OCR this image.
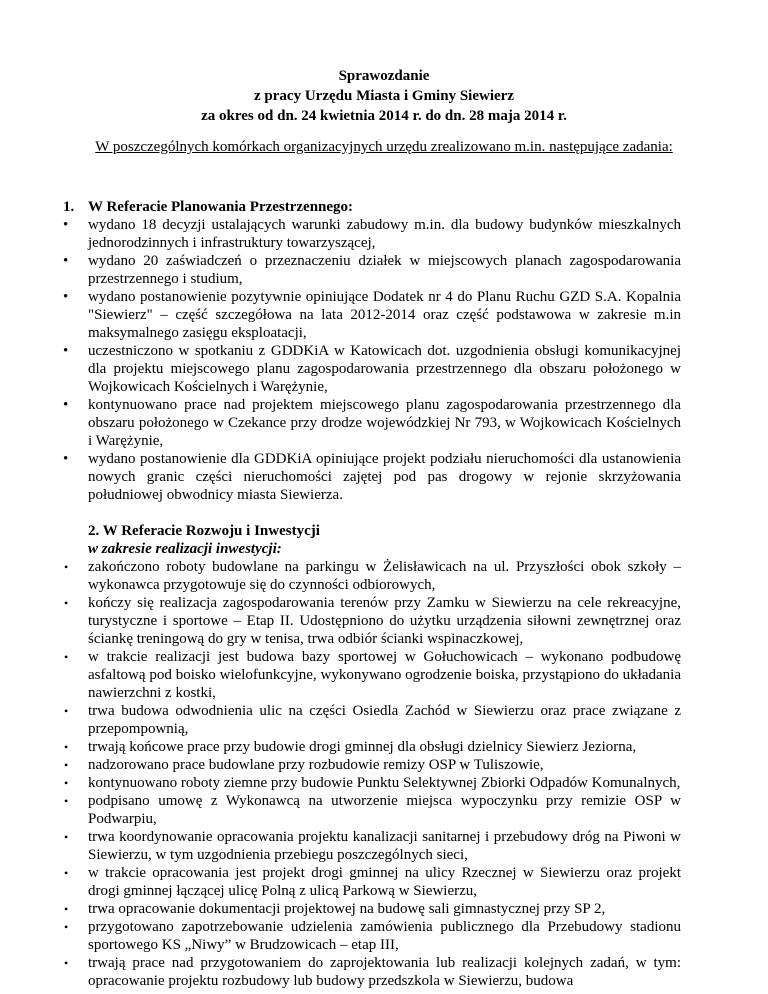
Sprawozdanie
z pracy Urzędu Miasta i Gminy Siewierz
za okres od dn. 24 kwietnia 2014 r. do dn. 28 maja 2014 r.
W poszczególnych komórkach organizacyjnych urzędu zrealizowano m.in. następujące zadania:
1. W Referacie Planowania Przestrzennego:
• wydano 18 decyzji ustalających warunki zabudowy m.in. dla budowy budynków mieszkalnych jednorodzinnych i infrastruktury towarzyszącej,
• wydano 20 zaświadczeń o przeznaczeniu działek w miejscowych planach zagospodarowania przestrzennego i studium,
• wydano postanowienie pozytywnie opiniujące Dodatek nr 4 do Planu Ruchu GZD S.A. Kopalnia "Siewierz" – część szczegółowa na lata 2012-2014 oraz część podstawowa w zakresie m.in maksymalnego zasięgu eksploatacji,
• uczestniczono w spotkaniu z GDDKiA w Katowicach dot. uzgodnienia obsługi komunikacyjnej dla projektu miejscowego planu zagospodarowania przestrzennego dla obszaru położonego w Wojkowicach Kościelnych i Warężynie,
• kontynuowano prace nad projektem miejscowego planu zagospodarowania przestrzennego dla obszaru położonego w Czekance przy drodze wojewódzkiej Nr 793, w Wojkowicach Kościelnych i Warężynie,
• wydano postanowienie dla GDDKiA opiniujące projekt podziału nieruchomości dla ustanowienia nowych granic części nieruchomości zajętej pod pas drogowy w rejonie skrzyżowania południowej obwodnicy miasta Siewierza.
2. W Referacie Rozwoju i Inwestycji
w zakresie realizacji inwestycji:
• zakończono roboty budowlane na parkingu w Żelisławicach na ul. Przyszłości obok szkoły – wykonawca przygotowuje się do czynności odbiorowych,
• kończy się realizacja zagospodarowania terenów przy Zamku w Siewierzu na cele rekreacyjne, turystyczne i sportowe – Etap II. Udostępniono do użytku urządzenia siłowni zewnętrznej oraz ściankę treningową do gry w tenisa, trwa odbiór ścianki wspinaczkowej,
• w trakcie realizacji jest budowa bazy sportowej w Gołuchowicach – wykonano podbudowę asfaltową pod boisko wielofunkcyjne, wykonywano ogrodzenie boiska, przystąpiono do układania nawierzchni z kostki,
• trwa budowa odwodnienia ulic na części Osiedla Zachód w Siewierzu oraz prace związane z przepompownią,
• trwają końcowe prace przy budowie drogi gminnej dla obsługi dzielnicy Siewierz Jeziorna,
• nadzorowano prace budowlane przy rozbudowie remizy OSP w Tuliszowie,
• kontynuowano roboty ziemne przy budowie Punktu Selektywnej Zbiorki Odpadów Komunalnych,
• podpisano umowę z Wykonawcą na utworzenie miejsca wypoczynku przy remizie OSP w Podwarpiu,
• trwa koordynowanie opracowania projektu kanalizacji sanitarnej i przebudowy dróg na Piwoni w Siewierzu, w tym uzgodnienia przebiegu poszczególnych sieci,
• w trakcie opracowania jest projekt drogi gminnej na ulicy Rzecznej w Siewierzu oraz projekt drogi gminnej łączącej ulicę Polną z ulicą Parkową w Siewierzu,
• trwa opracowanie dokumentacji projektowej na budowę sali gimnastycznej przy SP 2,
• przygotowano zapotrzebowanie udzielenia zamówienia publicznego dla Przebudowy stadionu sportowego KS „Niwy” w Brudzowicach – etap III,
• trwają prace nad przygotowaniem do zaprojektowania lub realizacji kolejnych zadań, w tym: opracowanie projektu rozbudowy lub budowy przedszkola w Siewierzu, budowa
